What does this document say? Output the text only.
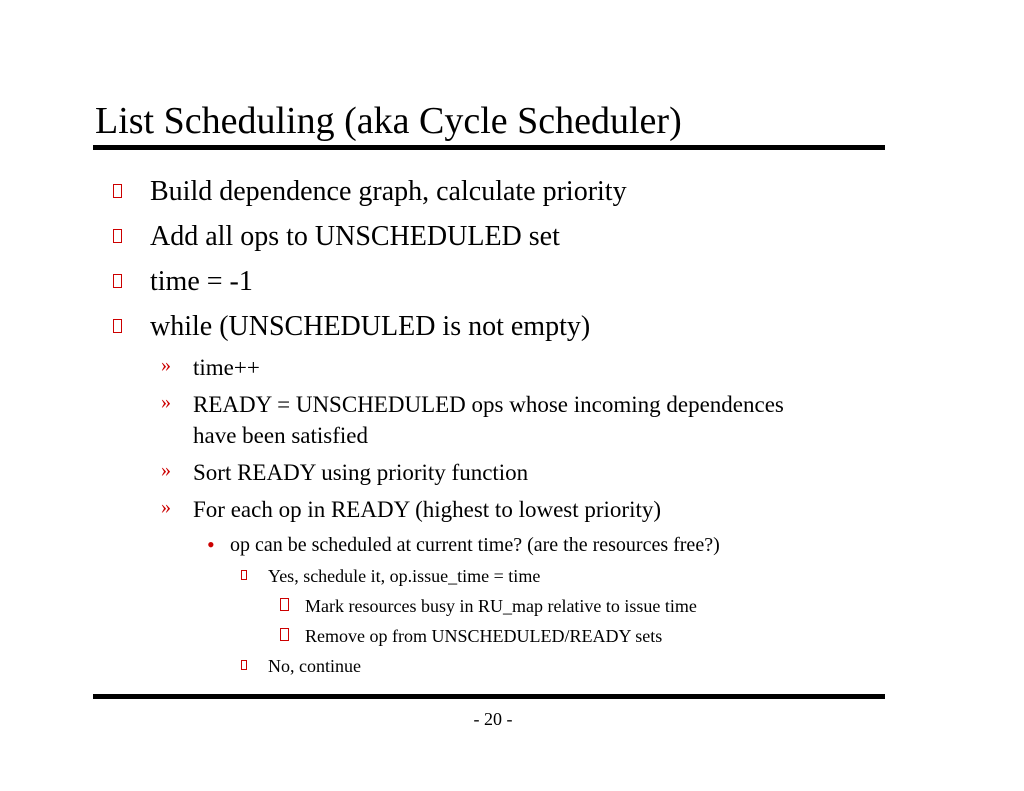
List Scheduling (aka Cycle Scheduler)
Build dependence graph, calculate priority
Add all ops to UNSCHEDULED set
time = -1
while (UNSCHEDULED is not empty)
» time++
» READY = UNSCHEDULED ops whose incoming dependences
have been satisfied
» Sort READY using priority function
» For each op in READY (highest to lowest priority)
• op can be scheduled at current time? (are the resources free?)
Yes, schedule it, op.issue_time = time
Mark resources busy in RU_map relative to issue time
Remove op from UNSCHEDULED/READY sets
No, continue
- 20 -
